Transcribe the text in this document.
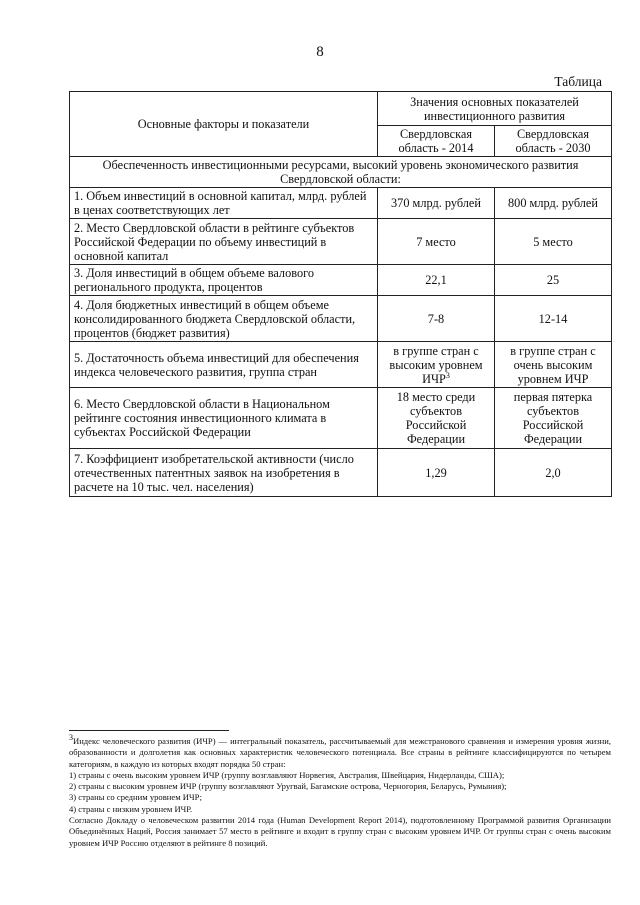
8
Таблица
Основные факторы и показатели	Значения основных показателей инвестиционного развития	
	Свердловская область - 2014	Свердловская область - 2030
Обеспеченность инвестиционными ресурсами, высокий уровень экономического развития Свердловской области:		
1. Объем инвестиций в основной капитал, млрд. рублей в ценах соответствующих лет	370 млрд. рублей	800 млрд. рублей
2. Место Свердловской области в рейтинге субъектов Российской Федерации по объему инвестиций в основной капитал	7 место	5 место
3. Доля инвестиций в общем объеме валового регионального продукта, процентов	22,1	25
4. Доля бюджетных инвестиций в общем объеме консолидированного бюджета Свердловской области, процентов (бюджет развития)	7-8	12-14
5. Достаточность объема инвестиций для обеспечения индекса человеческого развития, группа стран	в группе стран с высоким уровнем ИЧР$^3$	в группе стран с очень высоким уровнем ИЧР
6. Место Свердловской области в Национальном рейтинге состояния инвестиционного климата в субъектах Российской Федерации	18 место среди субъектов Российской Федерации	первая пятерка субъектов Российской Федерации
7. Коэффициент изобретательской активности (число отечественных патентных заявок на изобретения в расчете на 10 тыс. чел. населения)	1,29	2,0

$^3$Индекс человеческого развития (ИЧР) — интегральный показатель, рассчитываемый для межстранового сравнения и измерения уровня жизни, образованности и долголетия как основных характеристик человеческого потенциала. Все страны в рейтинге классифицируются по четырем категориям, в каждую из которых входят порядка 50 стран:

1) страны с очень высоким уровнем ИЧР (группу возглавляют Норвегия, Австралия, Швейцария, Нидерланды, США);

2) страны с высоким уровнем ИЧР (группу возглавляют Уругвай, Багамские острова, Черногория, Беларусь, Румыния);

3) страны со средним уровнем ИЧР;

4) страны с низким уровнем ИЧР.

Согласно Докладу о человеческом развитии 2014 года (Human Development Report 2014), подготовленному Программой развития Организации Объединённых Наций, Россия занимает 57 место в рейтинге и входит в группу стран с высоким уровнем ИЧР. От группы стран с очень высоким уровнем ИЧР Россию отделяют в рейтинге 8 позиций.
